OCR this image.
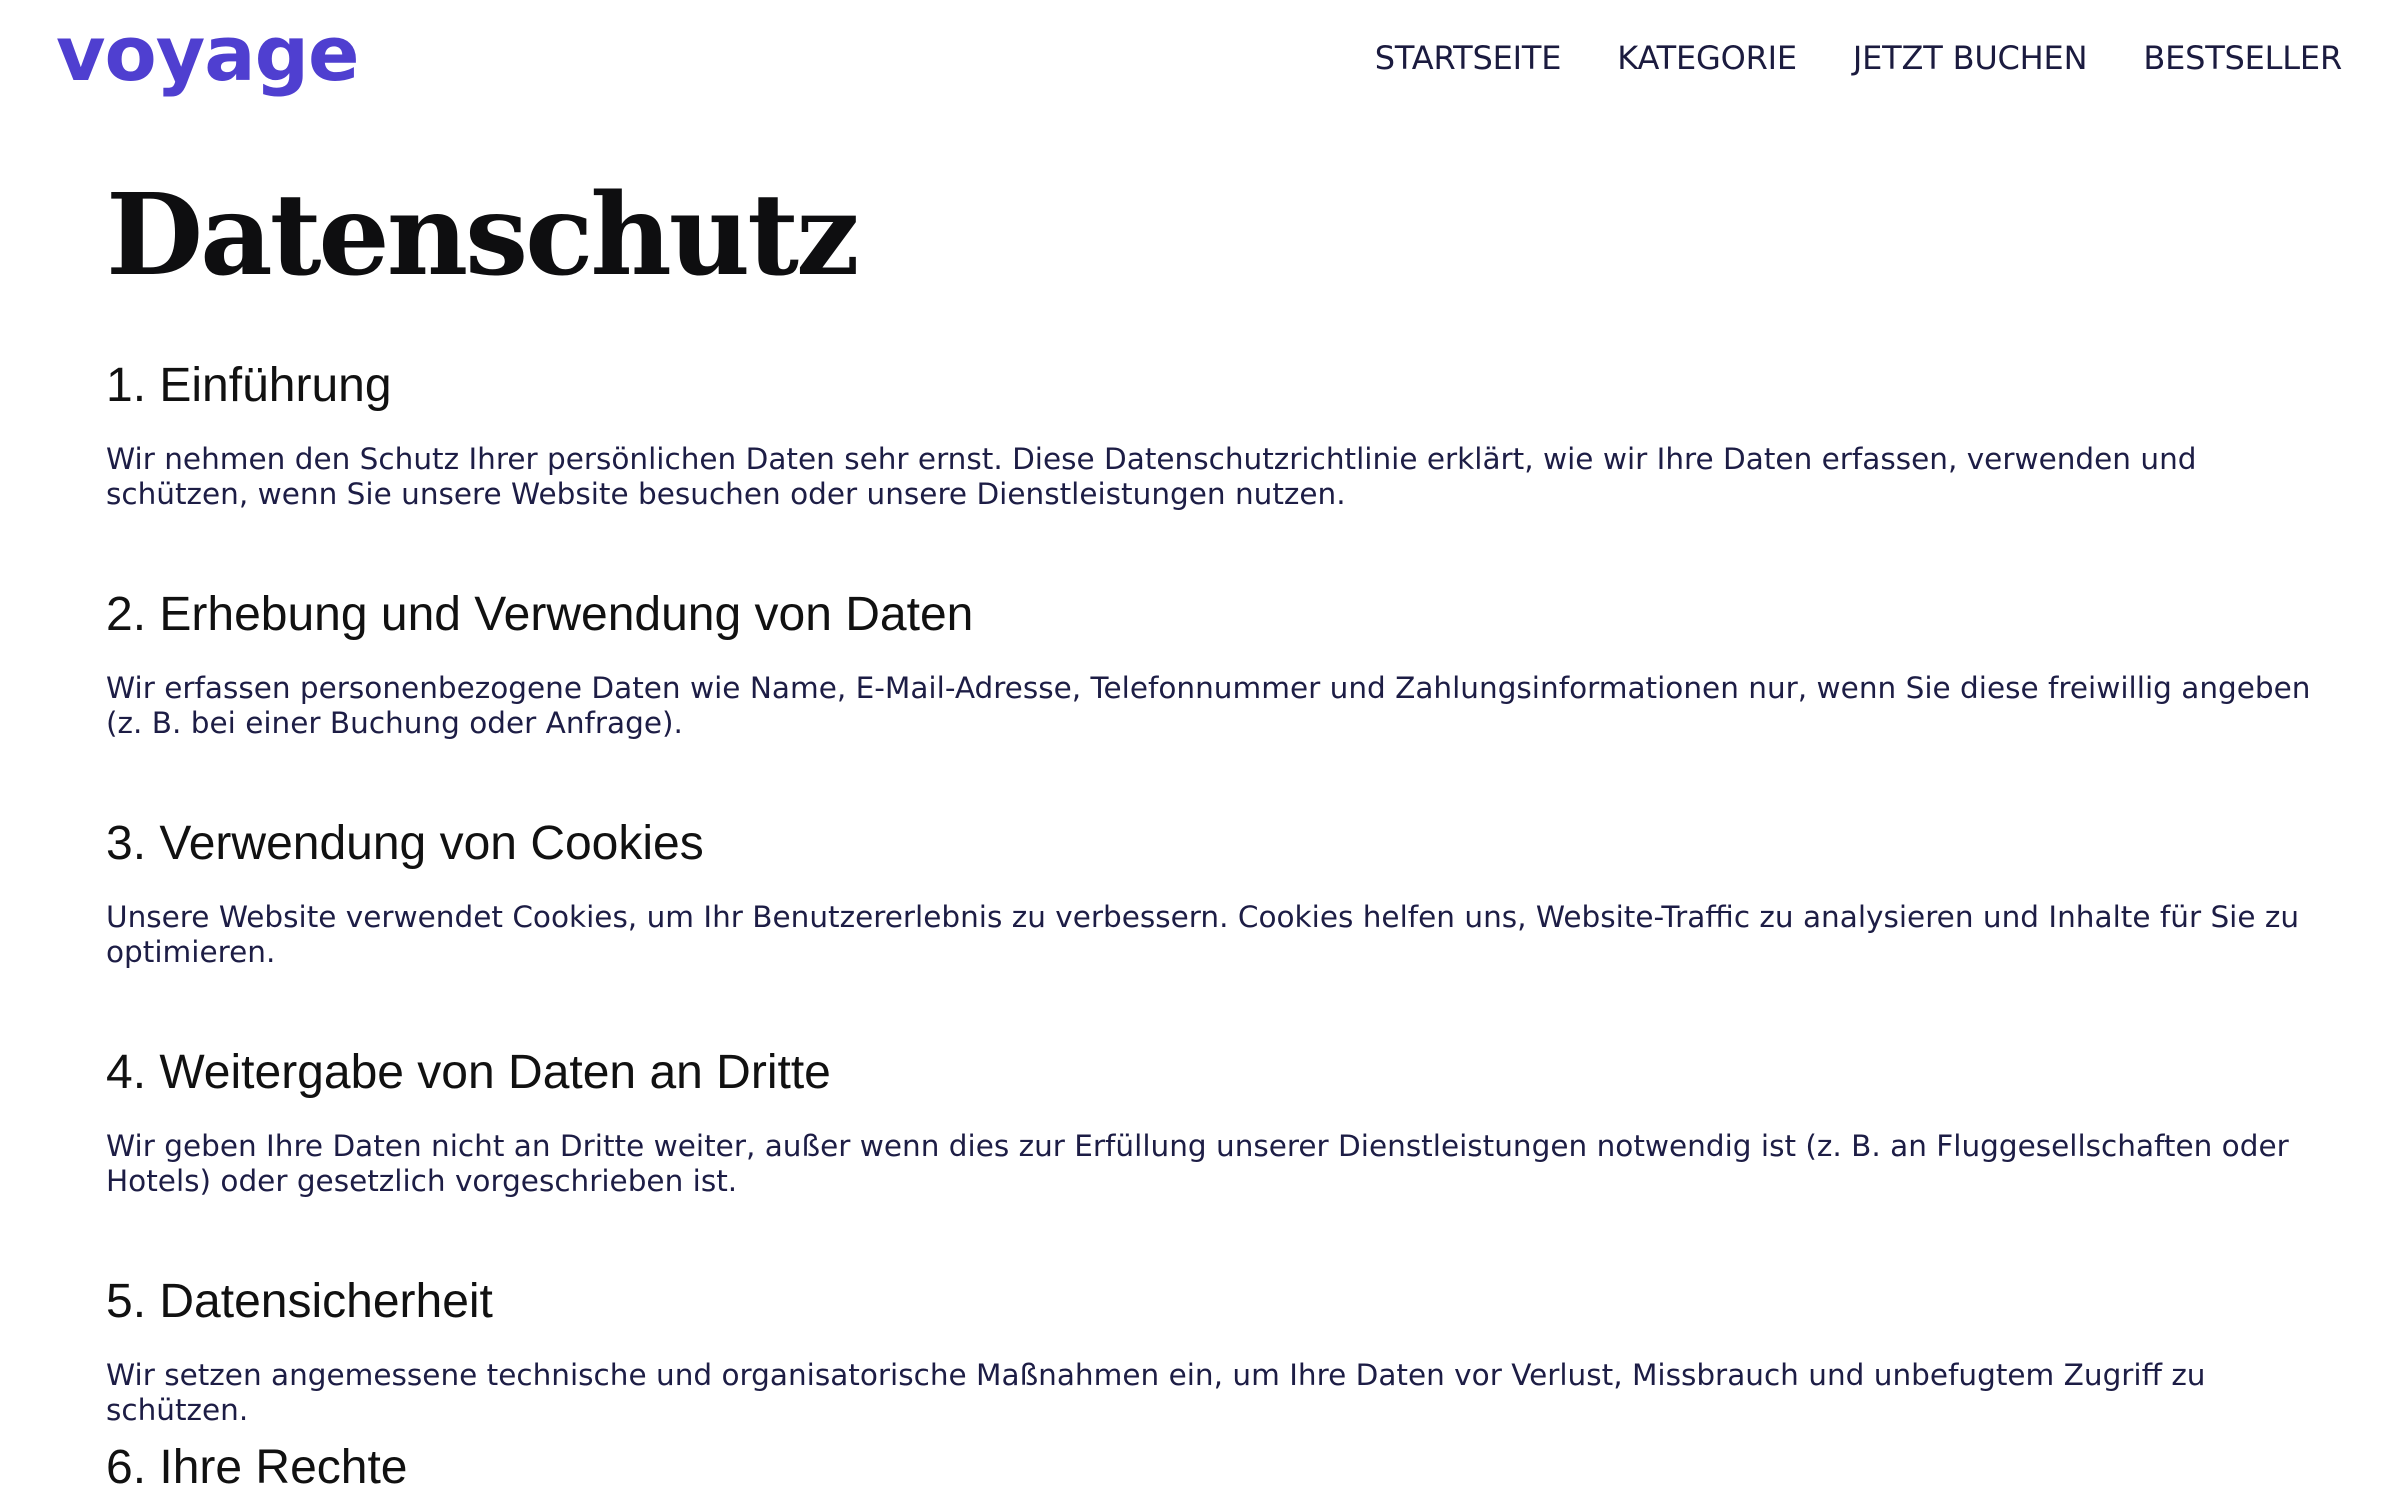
voyage	STARTSEITE KATEGORIE JETZT BUCHEN BESTSELLER
Datenschutz
1. Einführung

Wir nehmen den Schutz Ihrer persönlichen Daten sehr ernst. Diese Datenschutzrichtlinie erklärt, wie wir Ihre Daten erfassen, verwenden und schützen, wenn Sie unsere Website besuchen oder unsere Dienstleistungen nutzen.

2. Erhebung und Verwendung von Daten

Wir erfassen personenbezogene Daten wie Name, E-Mail-Adresse, Telefonnummer und Zahlungsinformationen nur, wenn Sie diese freiwillig angeben (z. B. bei einer Buchung oder Anfrage).

3. Verwendung von Cookies

Unsere Website verwendet Cookies, um Ihr Benutzererlebnis zu verbessern. Cookies helfen uns, Website-Traffic zu analysieren und Inhalte für Sie zu optimieren.

4. Weitergabe von Daten an Dritte

Wir geben Ihre Daten nicht an Dritte weiter, außer wenn dies zur Erfüllung unserer Dienstleistungen notwendig ist (z. B. an Fluggesellschaften oder Hotels) oder gesetzlich vorgeschrieben ist.

5. Datensicherheit

Wir setzen angemessene technische und organisatorische Maßnahmen ein, um Ihre Daten vor Verlust, Missbrauch und unbefugtem Zugriff zu schützen.

6. Ihre Rechte
